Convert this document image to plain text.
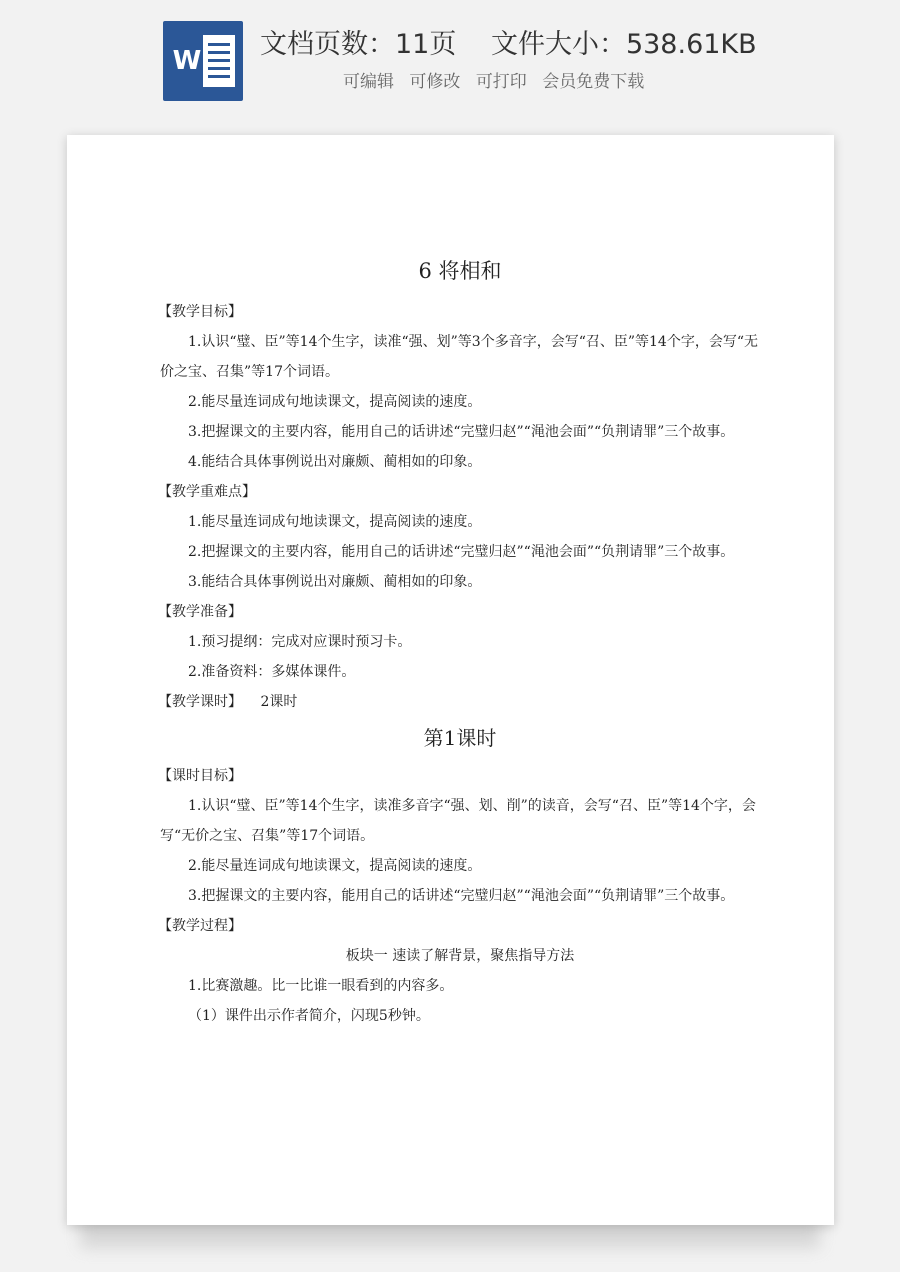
W
文档页数：11页 文件大小：538.61KB
可编辑 可修改 可打印 会员免费下载
6 将相和
【教学目标】

1.认识“璧、臣”等14个生字，读准“强、划”等3个多音字，会写“召、臣”等14个字，会写“无价之宝、召集”等17个词语。

2.能尽量连词成句地读课文，提高阅读的速度。

3.把握课文的主要内容，能用自己的话讲述“完璧归赵”“渑池会面”“负荆请罪”三个故事。

4.能结合具体事例说出对廉颇、蔺相如的印象。

【教学重难点】

1.能尽量连词成句地读课文，提高阅读的速度。

2.把握课文的主要内容，能用自己的话讲述“完璧归赵”“渑池会面”“负荆请罪”三个故事。

3.能结合具体事例说出对廉颇、蔺相如的印象。

【教学准备】

1.预习提纲：完成对应课时预习卡。

2.准备资料：多媒体课件。

【教学课时】 2课时
第1课时
【课时目标】

1.认识“璧、臣”等14个生字，读准多音字“强、划、削”的读音，会写“召、臣”等14个字，会写“无价之宝、召集”等17个词语。

2.能尽量连词成句地读课文，提高阅读的速度。

3.把握课文的主要内容，能用自己的话讲述“完璧归赵”“渑池会面”“负荆请罪”三个故事。

【教学过程】

板块一 速读了解背景，聚焦指导方法

1.比赛激趣。比一比谁一眼看到的内容多。

（1）课件出示作者简介，闪现5秒钟。
